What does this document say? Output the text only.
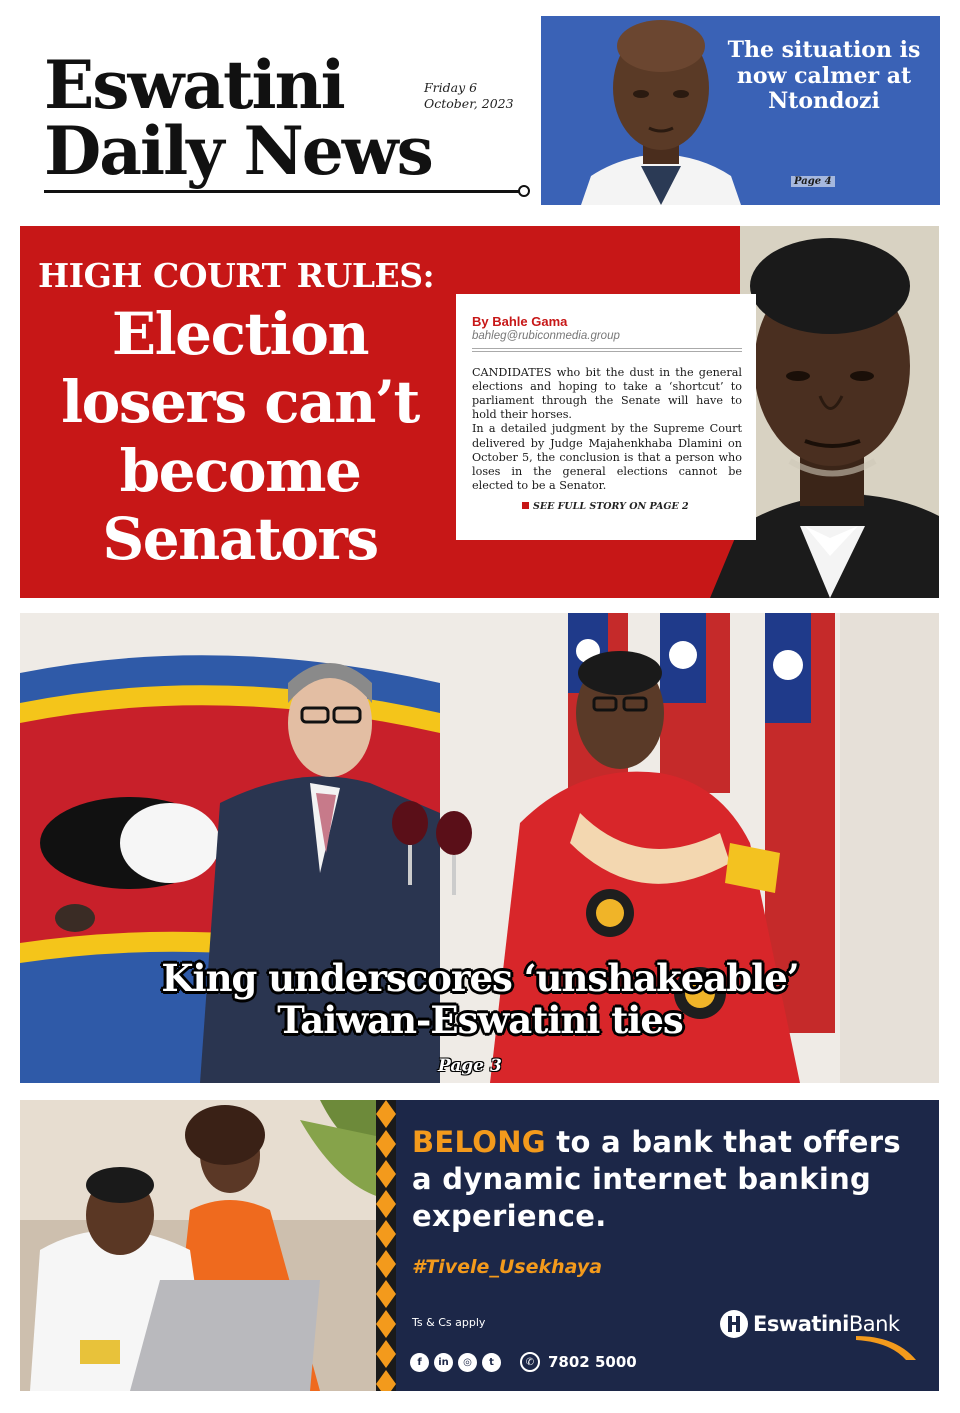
Eswatini
Daily News
Friday 6
October, 2023
The situation is now calmer at Ntondozi
Page 4
HIGH COURT RULES:
Election losers can’t become Senators
By Bahle Gama
bahleg@rubiconmedia.group

CANDIDATES who bit the dust in the general elections and hoping to take a ‘shortcut’ to parliament through the Senate will have to hold their horses.

In a detailed judgment by the Supreme Court delivered by Judge Majahenkhaba Dlamini on October 5, the conclusion is that a person who loses in the general elections cannot be elected to be a Senator.

SEE FULL STORY ON PAGE 2
King underscores ‘unshakeable’
Taiwan-Eswatini ties
Page 3
BELONG to a bank that offers a dynamic internet banking experience.
#Tivele_Usekhaya
Ts & Cs apply
f	in	◎	t	✆ 7802 5000
EswatiniBank
